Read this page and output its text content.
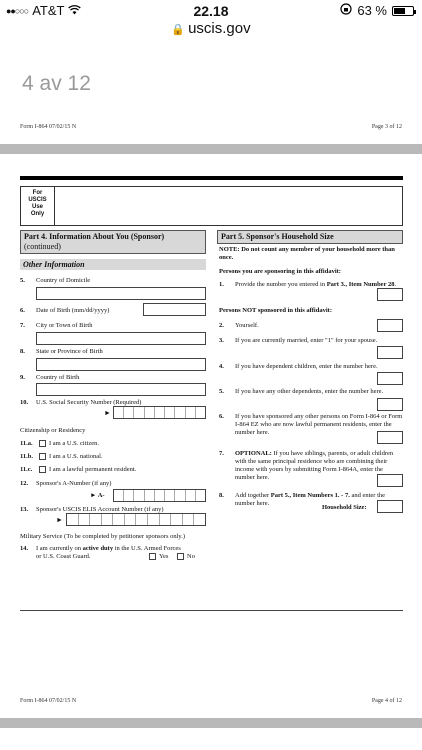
●●○○○ AT&T	22.18	63 %
🔒 uscis.gov
4 av 12
Form I-864 07/02/15 N	Page 3 of 12
For
USCIS
Use
Only
Part 4. Information About You (Sponsor)
(continued)
Other Information
5. Country of Domicile
6. Date of Birth (mm/dd/yyyy)
7. City or Town of Birth
8. State or Province of Birth
9. Country of Birth
10. U.S. Social Security Number (Required)
►
Citizenship or Residency
11.a.	I am a U.S. citizen.
11.b. I am a U.S. national.
11.c.	I am a lawful permanent resident.
12. Sponsor's A-Number (if any)
► A-
13. Sponsor's USCIS ELIS Account Number (if any)
►
Military Service (To be completed by petitioner sponsors only.)
14. I am currently on active duty in the U.S. Armed Forces
or U.S. Coast Guard.	Yes	No
Part 5. Sponsor's Household Size
NOTE: Do not count any member of your household more than once.
Persons you are sponsoring in this affidavit:
1. Provide the number you entered in Part 3., Item Number 28.
Persons NOT sponsored in this affidavit:
2. Yourself.
3. If you are currently married, enter "1" for your spouse.
4. If you have dependent children, enter the number here.
5. If you have any other dependents, enter the number here.
6. If you have sponsored any other persons on Form I-864 or Form I-864 EZ who are now lawful permanent residents, enter the number here.
7. OPTIONAL: If you have siblings, parents, or adult children with the same principal residence who are combining their income with yours by submitting Form I-864A, enter the number here.
8. Add together Part 5., Item Numbers 1. - 7. and enter the number here.
Household Size:
Form I-864 07/02/15 N	Page 4 of 12
